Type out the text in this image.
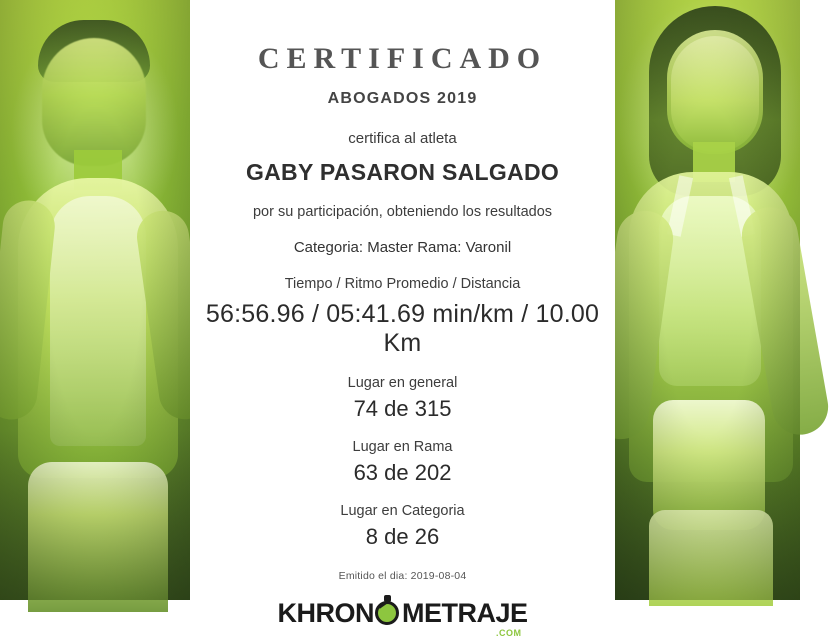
CERTIFICADO
ABOGADOS 2019
certifica al atleta
GABY PASARON SALGADO
por su participación, obteniendo los resultados
Categoria: Master Rama: Varonil
Tiempo / Ritmo Promedio / Distancia
56:56.96 / 05:41.69 min/km / 10.00 Km
Lugar en general
74 de 315
Lugar en Rama
63 de 202
Lugar en Categoria
8 de 26
Emitido el dia: 2019-08-04
KHRON METRAJE
.COM
